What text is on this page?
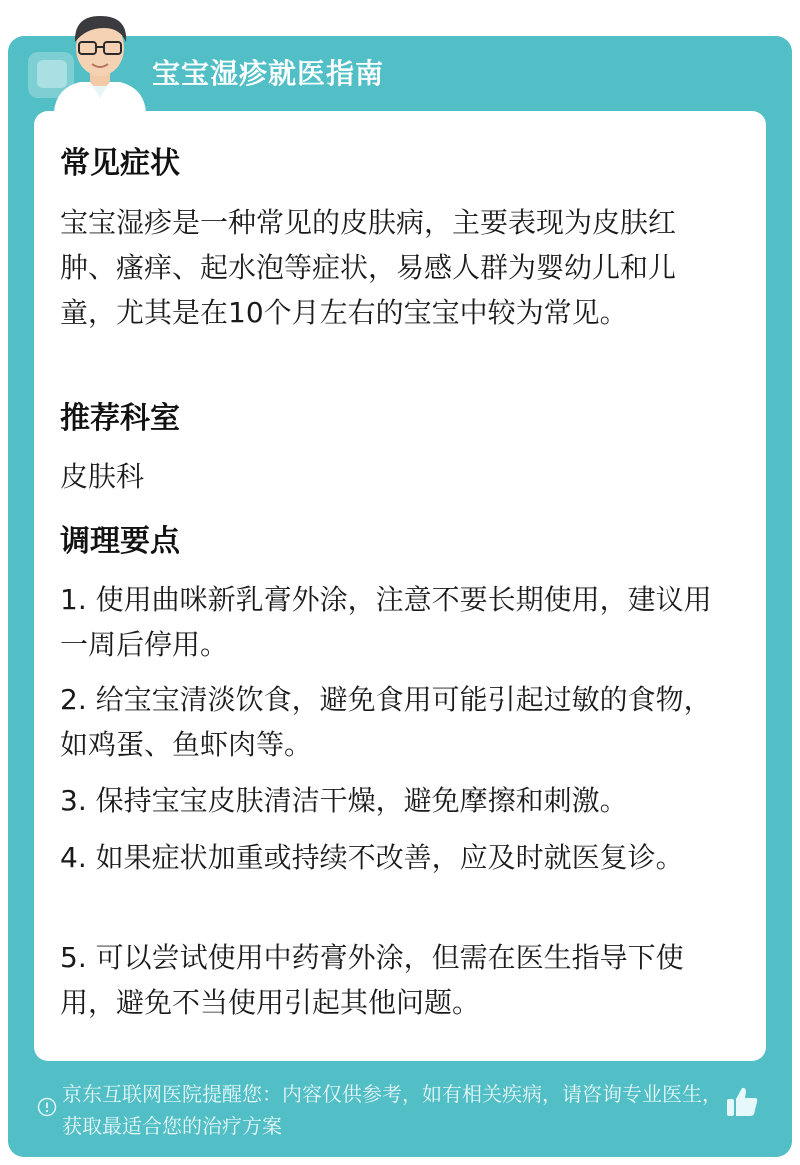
宝宝湿疹就医指南
常见症状
宝宝湿疹是一种常见的皮肤病，主要表现为皮肤红肿、瘙痒、起水泡等症状，易感人群为婴幼儿和儿童，尤其是在10个月左右的宝宝中较为常见。
推荐科室
皮肤科
调理要点
1. 使用曲咪新乳膏外涂，注意不要长期使用，建议用一周后停用。
2. 给宝宝清淡饮食，避免食用可能引起过敏的食物，如鸡蛋、鱼虾肉等。
3. 保持宝宝皮肤清洁干燥，避免摩擦和刺激。
4. 如果症状加重或持续不改善，应及时就医复诊。
5. 可以尝试使用中药膏外涂，但需在医生指导下使用，避免不当使用引起其他问题。
京东互联网医院提醒您：内容仅供参考，如有相关疾病，请咨询专业医生，获取最适合您的治疗方案
